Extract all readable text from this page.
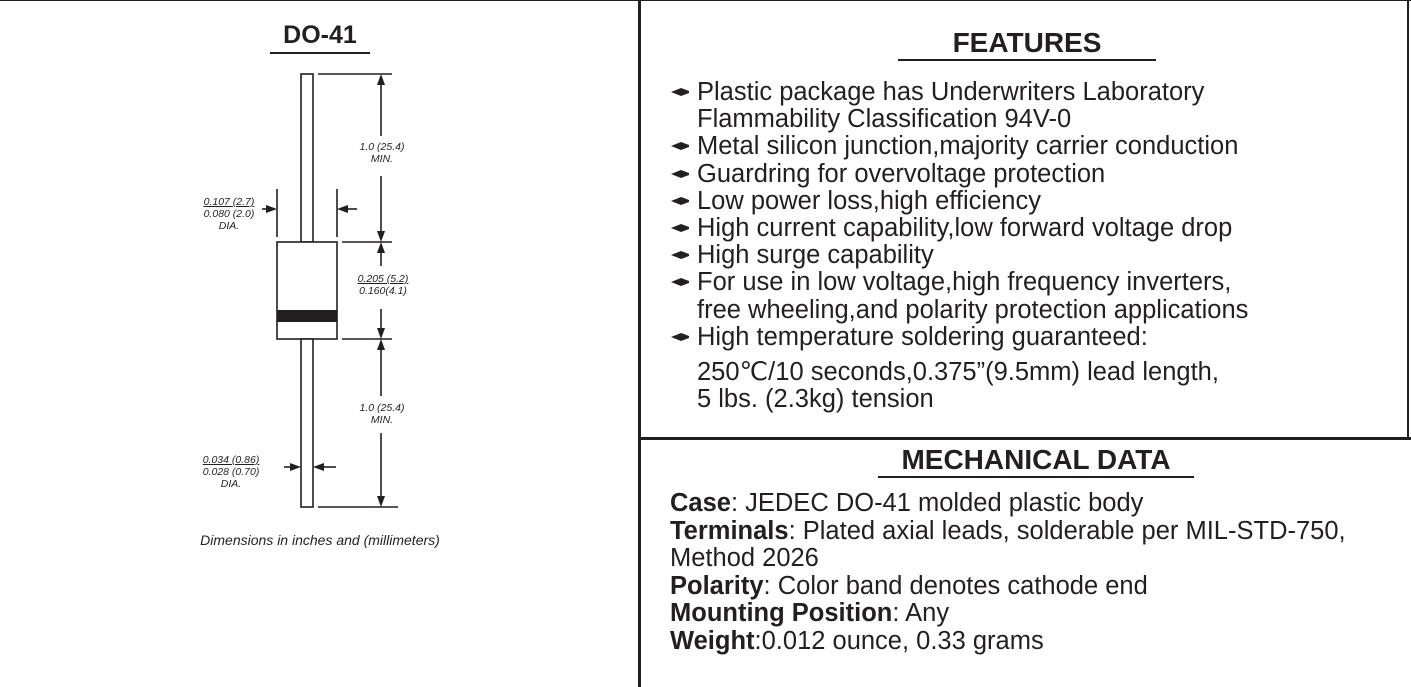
DO-41
1.0 (25.4)
MIN.
0.107 (2.7)
0.080 (2.0)
DIA.
0.205 (5.2)
0.160(4.1)
1.0 (25.4)
MIN.
0.034 (0.86)
0.028 (0.70)
DIA.
Dimensions in inches and (millimeters)
FEATURES
Plastic package has Underwriters Laboratory
Flammability Classification 94V-0
Metal silicon junction,majority carrier conduction
Guardring for overvoltage protection
Low power loss,high efficiency
High current capability,low forward voltage drop
High surge capability
For use in low voltage,high frequency inverters,
free wheeling,and polarity protection applications
High temperature soldering guaranteed:
250℃/10 seconds,0.375”(9.5mm) lead length,
5 lbs. (2.3kg) tension
MECHANICAL DATA
Case: JEDEC DO-41 molded plastic body
Terminals: Plated axial leads, solderable per MIL-STD-750,
Method 2026
Polarity: Color band denotes cathode end
Mounting Position: Any
Weight:0.012 ounce, 0.33 grams
